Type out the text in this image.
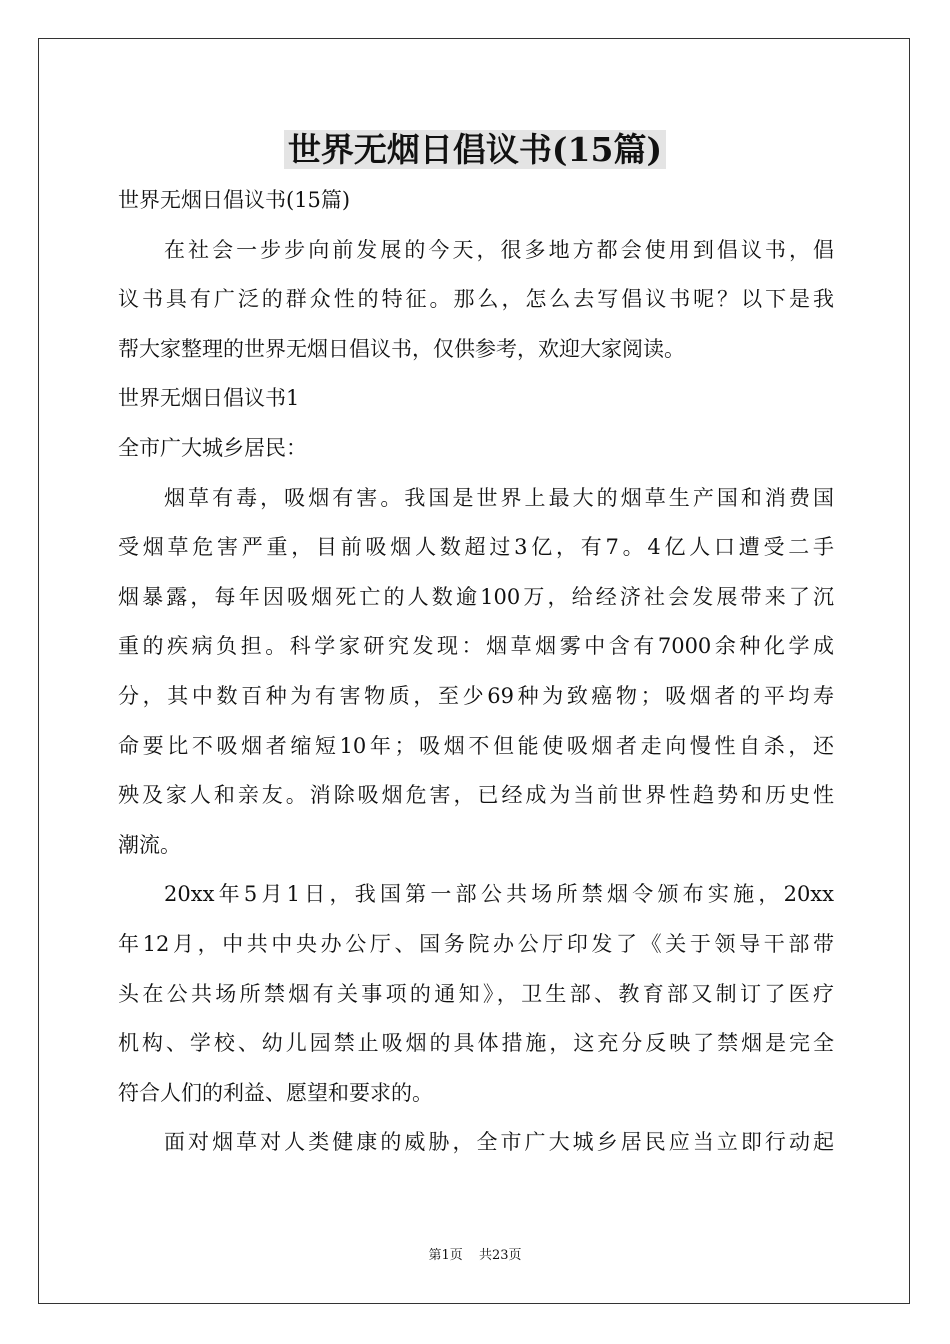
世界无烟日倡议书(15篇)
世界无烟日倡议书(15篇)
在社会一步步向前发展的今天，很多地方都会使用到倡议书，倡
议书具有广泛的群众性的特征。那么，怎么去写倡议书呢？以下是我
帮大家整理的世界无烟日倡议书，仅供参考，欢迎大家阅读。
世界无烟日倡议书1
全市广大城乡居民：
烟草有毒，吸烟有害。我国是世界上最大的烟草生产国和消费国
受烟草危害严重，目前吸烟人数超过3亿，有7。4亿人口遭受二手
烟暴露，每年因吸烟死亡的人数逾100万，给经济社会发展带来了沉
重的疾病负担。科学家研究发现：烟草烟雾中含有7000余种化学成
分，其中数百种为有害物质，至少69种为致癌物；吸烟者的平均寿
命要比不吸烟者缩短10年；吸烟不但能使吸烟者走向慢性自杀，还
殃及家人和亲友。消除吸烟危害，已经成为当前世界性趋势和历史性
潮流。
20xx年5月1日，我国第一部公共场所禁烟令颁布实施，20xx
年12月，中共中央办公厅、国务院办公厅印发了《关于领导干部带
头在公共场所禁烟有关事项的通知》，卫生部、教育部又制订了医疗
机构、学校、幼儿园禁止吸烟的具体措施，这充分反映了禁烟是完全
符合人们的利益、愿望和要求的。
面对烟草对人类健康的威胁，全市广大城乡居民应当立即行动起
第1页 共23页
